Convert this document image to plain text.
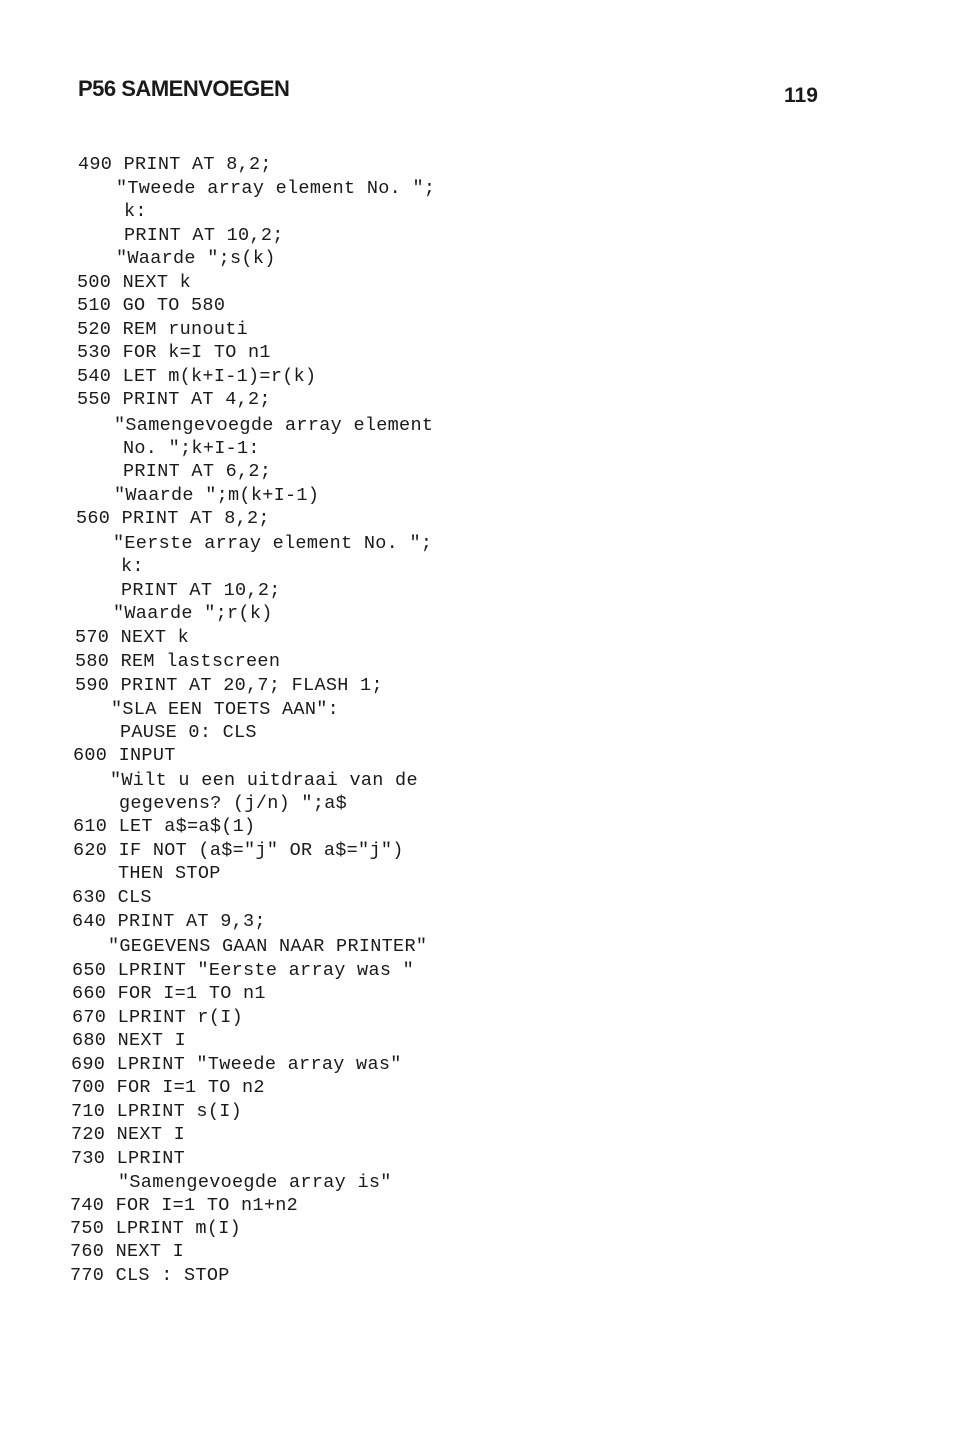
P56 SAMENVOEGEN	119
490 PRINT AT 8,2;
"Tweede array element No. ";
k:
PRINT AT 10,2;
"Waarde ";s(k)
500 NEXT k
510 GO TO 580
520 REM runouti
530 FOR k=I TO n1
540 LET m(k+I-1)=r(k)
550 PRINT AT 4,2;
"Samengevoegde array element
No. ";k+I-1:
PRINT AT 6,2;
"Waarde ";m(k+I-1)
560 PRINT AT 8,2;
"Eerste array element No. ";
k:
PRINT AT 10,2;
"Waarde ";r(k)
570 NEXT k
580 REM lastscreen
590 PRINT AT 20,7; FLASH 1;
"SLA EEN TOETS AAN":
PAUSE 0: CLS
600 INPUT
"Wilt u een uitdraai van de
gegevens? (j/n) ";a$
610 LET a$=a$(1)
620 IF NOT (a$="j" OR a$="j")
THEN STOP
630 CLS
640 PRINT AT 9,3;
"GEGEVENS GAAN NAAR PRINTER"
650 LPRINT "Eerste array was "
660 FOR I=1 TO n1
670 LPRINT r(I)
680 NEXT I
690 LPRINT "Tweede array was"
700 FOR I=1 TO n2
710 LPRINT s(I)
720 NEXT I
730 LPRINT
"Samengevoegde array is"
740 FOR I=1 TO n1+n2
750 LPRINT m(I)
760 NEXT I
770 CLS : STOP
